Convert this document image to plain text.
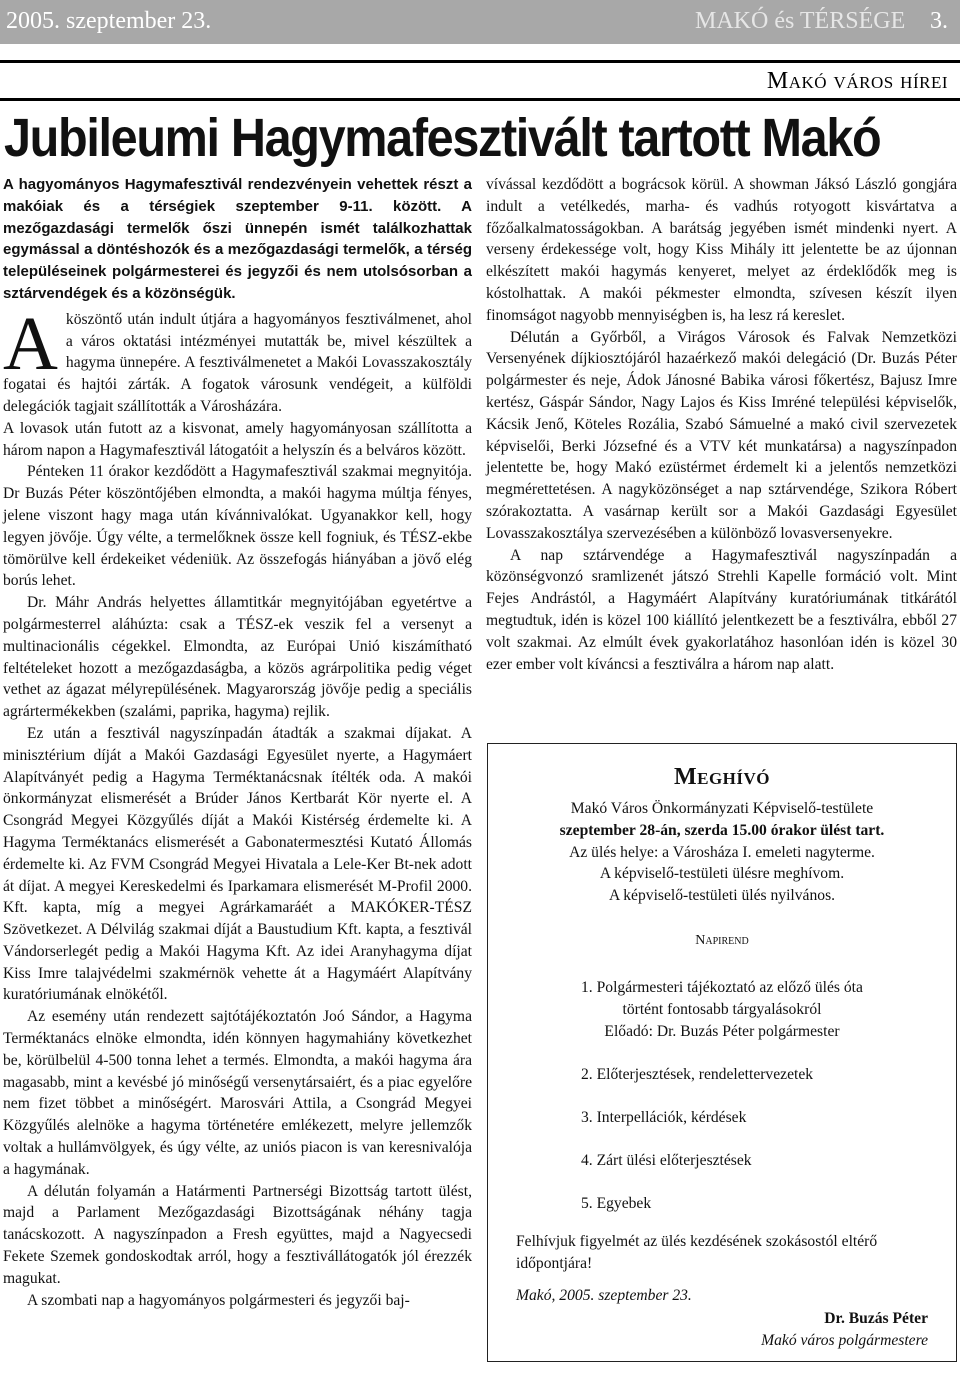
2005. szeptember 23.	MAKÓ és TÉRSÉGE 3.
Makó város hírei
Jubileumi Hagymafesztivált tartott Makó

A hagyományos Hagymafesztivál rendezvényein vehettek részt a makóiak és a térségiek szeptember 9-11. között. A mezőgazdasági termelők őszi ünnepén ismét találkozhattak egymással a döntéshozók és a mezőgazdasági termelők, a térség településeinek polgármesterei és jegyzői és nem utolsósorban a sztárvendégek és a közönségük.

A köszöntő után indult útjára a hagyományos fesztiválmenet, ahol a város oktatási intézményei mutatták be, mivel készültek a hagyma ünnepére. A fesztiválmenetet a Makói Lovasszakosztály fogatai és hajtói zárták. A fogatok városunk vendégeit, a külföldi delegációk tagjait szállították a Városházára.

A lovasok után futott az a kisvonat, amely hagyományosan szállította a három napon a Hagymafesztivál látogatóit a helyszín és a belváros között.

Pénteken 11 órakor kezdődött a Hagymafesztivál szakmai megnyitója. Dr Buzás Péter köszöntőjében elmondta, a makói hagyma múltja fényes, jelene viszont hagy maga után kívánnivalókat. Ugyanakkor kell, hogy legyen jövője. Úgy vélte, a termelőknek össze kell fogniuk, és TÉSZ-ekbe tömörülve kell érdekeiket védeniük. Az összefogás hiányában a jövő elég borús lehet.

Dr. Máhr András helyettes államtitkár megnyitójában egyetértve a polgármesterrel aláhúzta: csak a TÉSZ-ek veszik fel a versenyt a multinacionális cégekkel. Elmondta, az Európai Unió kiszámítható feltételeket hozott a mezőgazdaságba, a közös agrárpolitika pedig véget vethet az ágazat mélyrepülésének. Magyarország jövője pedig a speciális agrártermékekben (szalámi, paprika, hagyma) rejlik.

Ez után a fesztivál nagyszínpadán átadták a szakmai díjakat. A minisztérium díját a Makói Gazdasági Egyesület nyerte, a Hagymáert Alapítványét pedig a Hagyma Terméktanácsnak ítélték oda. A makói önkormányzat elismerését a Brúder János Kertbarát Kör nyerte el. A Csongrád Megyei Közgyűlés díját a Makói Kistérség érdemelte ki. A Hagyma Terméktanács elismerését a Gabonatermesztési Kutató Állomás érdemelte ki. Az FVM Csongrád Megyei Hivatala a Lele-Ker Bt-nek adott át díjat. A megyei Kereskedelmi és Iparkamara elismerését M-Profil 2000. Kft. kapta, míg a megyei Agrárkamaráét a MAKÓKER-TÉSZ Szövetkezet. A Délvilág szakmai díját a Baustudium Kft. kapta, a fesztivál Vándorserlegét pedig a Makói Hagyma Kft. Az idei Aranyhagyma díjat Kiss Imre talajvédelmi szakmérnök vehette át a Hagymáért Alapítvány kuratóriumának elnökétől.

Az esemény után rendezett sajtótájékoztatón Joó Sándor, a Hagyma Terméktanács elnöke elmondta, idén könnyen hagymahiány következhet be, körülbelül 4-500 tonna lehet a termés. Elmondta, a makói hagyma ára magasabb, mint a kevésbé jó minőségű versenytársaiért, és a piac egyelőre nem fizet többet a minőségért. Marosvári Attila, a Csongrád Megyei Közgyűlés alelnöke a hagyma történetére emlékezett, melyre jellemzők voltak a hullámvölgyek, és úgy vélte, az uniós piacon is van keresnivalója a hagymának.

A délután folyamán a Határmenti Partnerségi Bizottság tartott ülést, majd a Parlament Mezőgazdasági Bizottságának néhány tagja tanácskozott. A nagyszínpadon a Fresh együttes, majd a Nagyecsedi Fekete Szemek gondoskodtak arról, hogy a fesztivállátogatók jól érezzék magukat.

A szombati nap a hagyományos polgármesteri és jegyzői baj-

vívással kezdődött a bográcsok körül. A showman Jáksó László gongjára indult a vetélkedés, marha- és vadhús rotyogott kisvártatva a főzőalkalmatosságokban. A barátság jegyében ismét mindenki nyert. A verseny érdekessége volt, hogy Kiss Mihály itt jelentette be az újonnan elkészített makói hagymás kenyeret, melyet az érdeklődők meg is kóstolhattak. A makói pékmester elmondta, szívesen készít ilyen finomságot nagyobb mennyiségben is, ha lesz rá kereslet.

Délután a Győrből, a Virágos Városok és Falvak Nemzetközi Versenyének díjkiosztójáról hazaérkező makói delegáció (Dr. Buzás Péter polgármester és neje, Ádok Jánosné Babika városi főkertész, Bajusz Imre kertész, Gáspár Sándor, Nagy Lajos és Kiss Imréné települési képviselők, Kácsik Jenő, Köteles Rozália, Szabó Sámuelné a makó civil szervezetek képviselői, Berki Józsefné és a VTV két munkatársa) a nagyszínpadon jelentette be, hogy Makó ezüstérmet érdemelt ki a jelentős nemzetközi megmérettetésen. A nagyközönséget a nap sztárvendége, Szikora Róbert szórakoztatta. A vasárnap került sor a Makói Gazdasági Egyesület Lovasszakosztálya szervezésében a különböző lovasversenyekre.

A nap sztárvendége a Hagymafesztivál nagyszínpadán a közönségvonzó sramlizenét játszó Strehli Kapelle formáció volt. Mint Fejes Andrástól, a Hagymáért Alapítvány kuratóriumának titkárától megtudtuk, idén is közel 100 kiállító jelentkezett be a fesztiválra, ebből 27 volt szakmai. Az elmúlt évek gyakorlatához hasonlóan idén is közel 30 ezer ember volt kíváncsi a fesztiválra a három nap alatt.

Meghívó
Makó Város Önkormányzati Képviselő-testülete
szeptember 28-án, szerda 15.00 órakor ülést tart.
Az ülés helye: a Városháza I. emeleti nagyterme.
A képviselő-testületi ülésre meghívom.
A képviselő-testületi ülés nyilvános.
Napirend
1. Polgármesteri tájékoztató az előző ülés óta
történt fontosabb tárgyalásokról
Előadó: Dr. Buzás Péter polgármester
2. Előterjesztések, rendelettervezetek
3. Interpellációk, kérdések
4. Zárt ülési előterjesztések
5. Egyebek
Felhívjuk figyelmét az ülés kezdésének szokásostól eltérő időpontjára!
Makó, 2005. szeptember 23.
Dr. Buzás Péter
Makó város polgármestere
